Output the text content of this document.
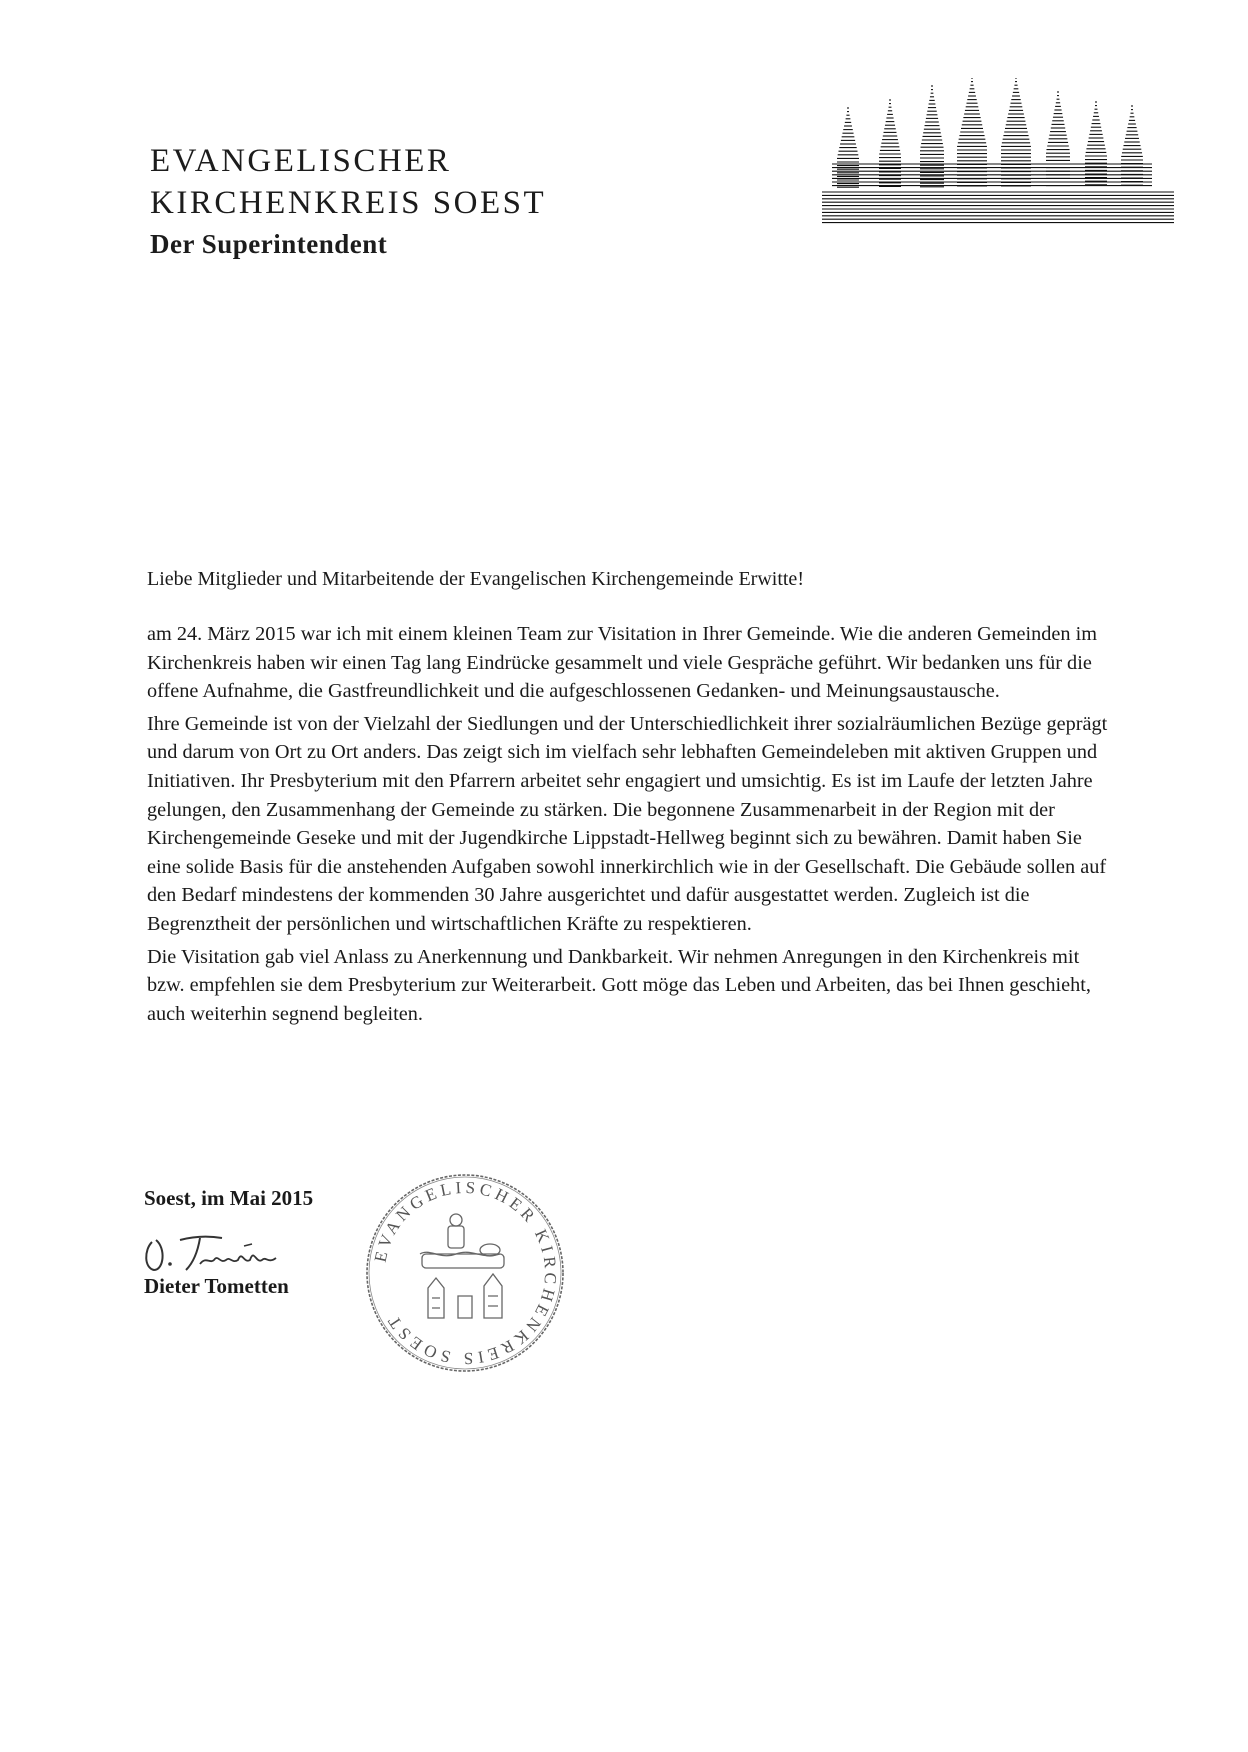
EVANGELISCHER
KIRCHENKREIS SOEST
Der Superintendent

Liebe Mitglieder und Mitarbeitende der Evangelischen Kirchengemeinde Erwitte!

am 24. März 2015 war ich mit einem kleinen Team zur Visitation in Ihrer Gemeinde. Wie die anderen Gemeinden im Kirchenkreis haben wir einen Tag lang Eindrücke gesammelt und viele Gespräche geführt. Wir bedanken uns für die offene Aufnahme, die Gastfreundlichkeit und die aufgeschlossenen Gedanken- und Meinungsaustausche.

Ihre Gemeinde ist von der Vielzahl der Siedlungen und der Unterschiedlichkeit ihrer sozialräumlichen Bezüge geprägt und darum von Ort zu Ort anders. Das zeigt sich im vielfach sehr lebhaften Gemeindeleben mit aktiven Gruppen und Initiativen. Ihr Presbyterium mit den Pfarrern arbeitet sehr engagiert und umsichtig. Es ist im Laufe der letzten Jahre gelungen, den Zusammenhang der Gemeinde zu stärken. Die begonnene Zusammenarbeit in der Region mit der Kirchengemeinde Geseke und mit der Jugendkirche Lippstadt-Hellweg beginnt sich zu bewähren. Damit haben Sie eine solide Basis für die anstehenden Aufgaben sowohl innerkirchlich wie in der Gesellschaft. Die Gebäude sollen auf den Bedarf mindestens der kommenden 30 Jahre ausgerichtet und dafür ausgestattet werden. Zugleich ist die Begrenztheit der persönlichen und wirtschaftlichen Kräfte zu respektieren.

Die Visitation gab viel Anlass zu Anerkennung und Dankbarkeit. Wir nehmen Anregungen in den Kirchenkreis mit bzw. empfehlen sie dem Presbyterium zur Weiterarbeit. Gott möge das Leben und Arbeiten, das bei Ihnen geschieht, auch weiterhin segnend begleiten.

Soest, im Mai 2015
Dieter Tometten
EVANGELISCHER KIRCHENKREIS SOEST
